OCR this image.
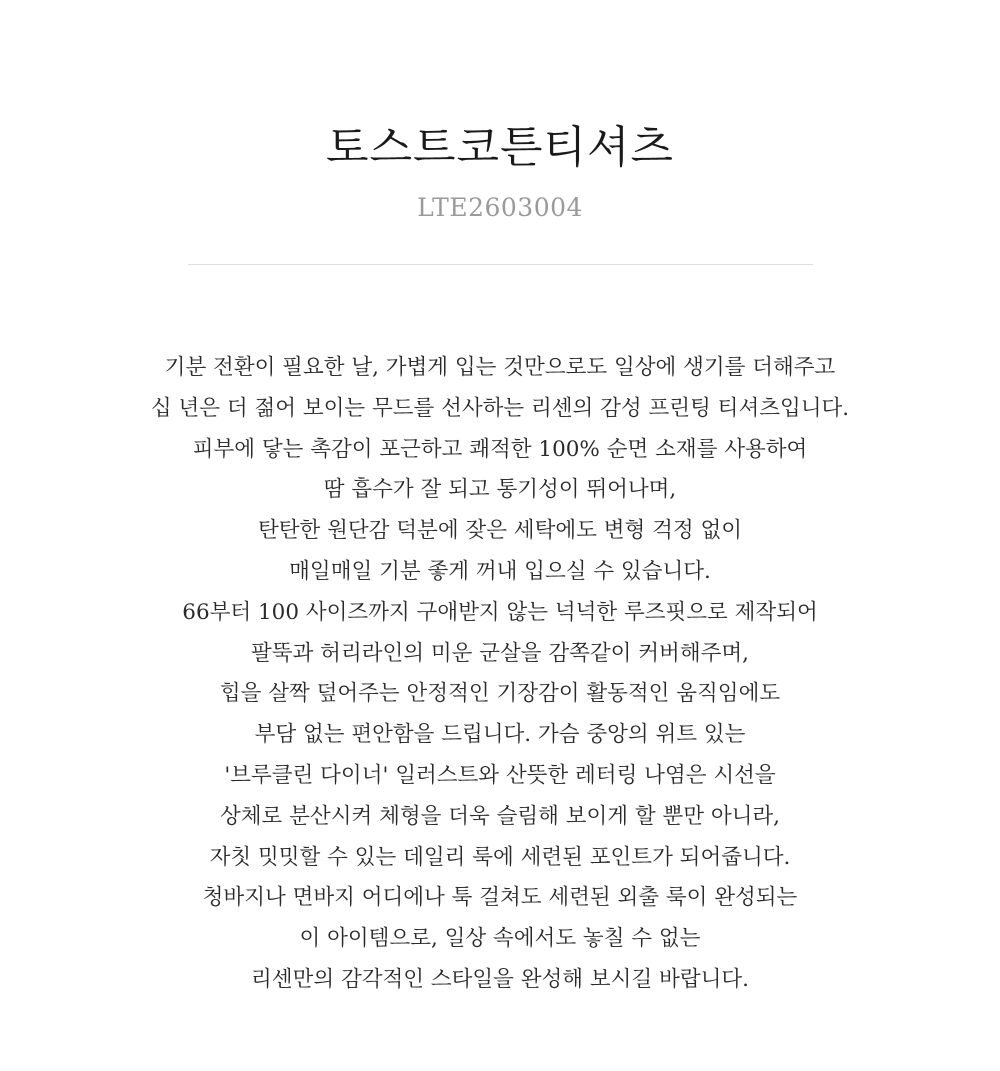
토스트코튼티셔츠
LTE2603004
기분 전환이 필요한 날, 가볍게 입는 것만으로도 일상에 생기를 더해주고
십 년은 더 젊어 보이는 무드를 선사하는 리센의 감성 프린팅 티셔츠입니다.
피부에 닿는 촉감이 포근하고 쾌적한 100% 순면 소재를 사용하여
땀 흡수가 잘 되고 통기성이 뛰어나며,
탄탄한 원단감 덕분에 잦은 세탁에도 변형 걱정 없이
매일매일 기분 좋게 꺼내 입으실 수 있습니다.
66부터 100 사이즈까지 구애받지 않는 넉넉한 루즈핏으로 제작되어
팔뚝과 허리라인의 미운 군살을 감쪽같이 커버해주며,
힙을 살짝 덮어주는 안정적인 기장감이 활동적인 움직임에도
부담 없는 편안함을 드립니다. 가슴 중앙의 위트 있는
'브루클린 다이너' 일러스트와 산뜻한 레터링 나염은 시선을
상체로 분산시켜 체형을 더욱 슬림해 보이게 할 뿐만 아니라,
자칫 밋밋할 수 있는 데일리 룩에 세련된 포인트가 되어줍니다.
청바지나 면바지 어디에나 툭 걸쳐도 세련된 외출 룩이 완성되는
이 아이템으로, 일상 속에서도 놓칠 수 없는
리센만의 감각적인 스타일을 완성해 보시길 바랍니다.
